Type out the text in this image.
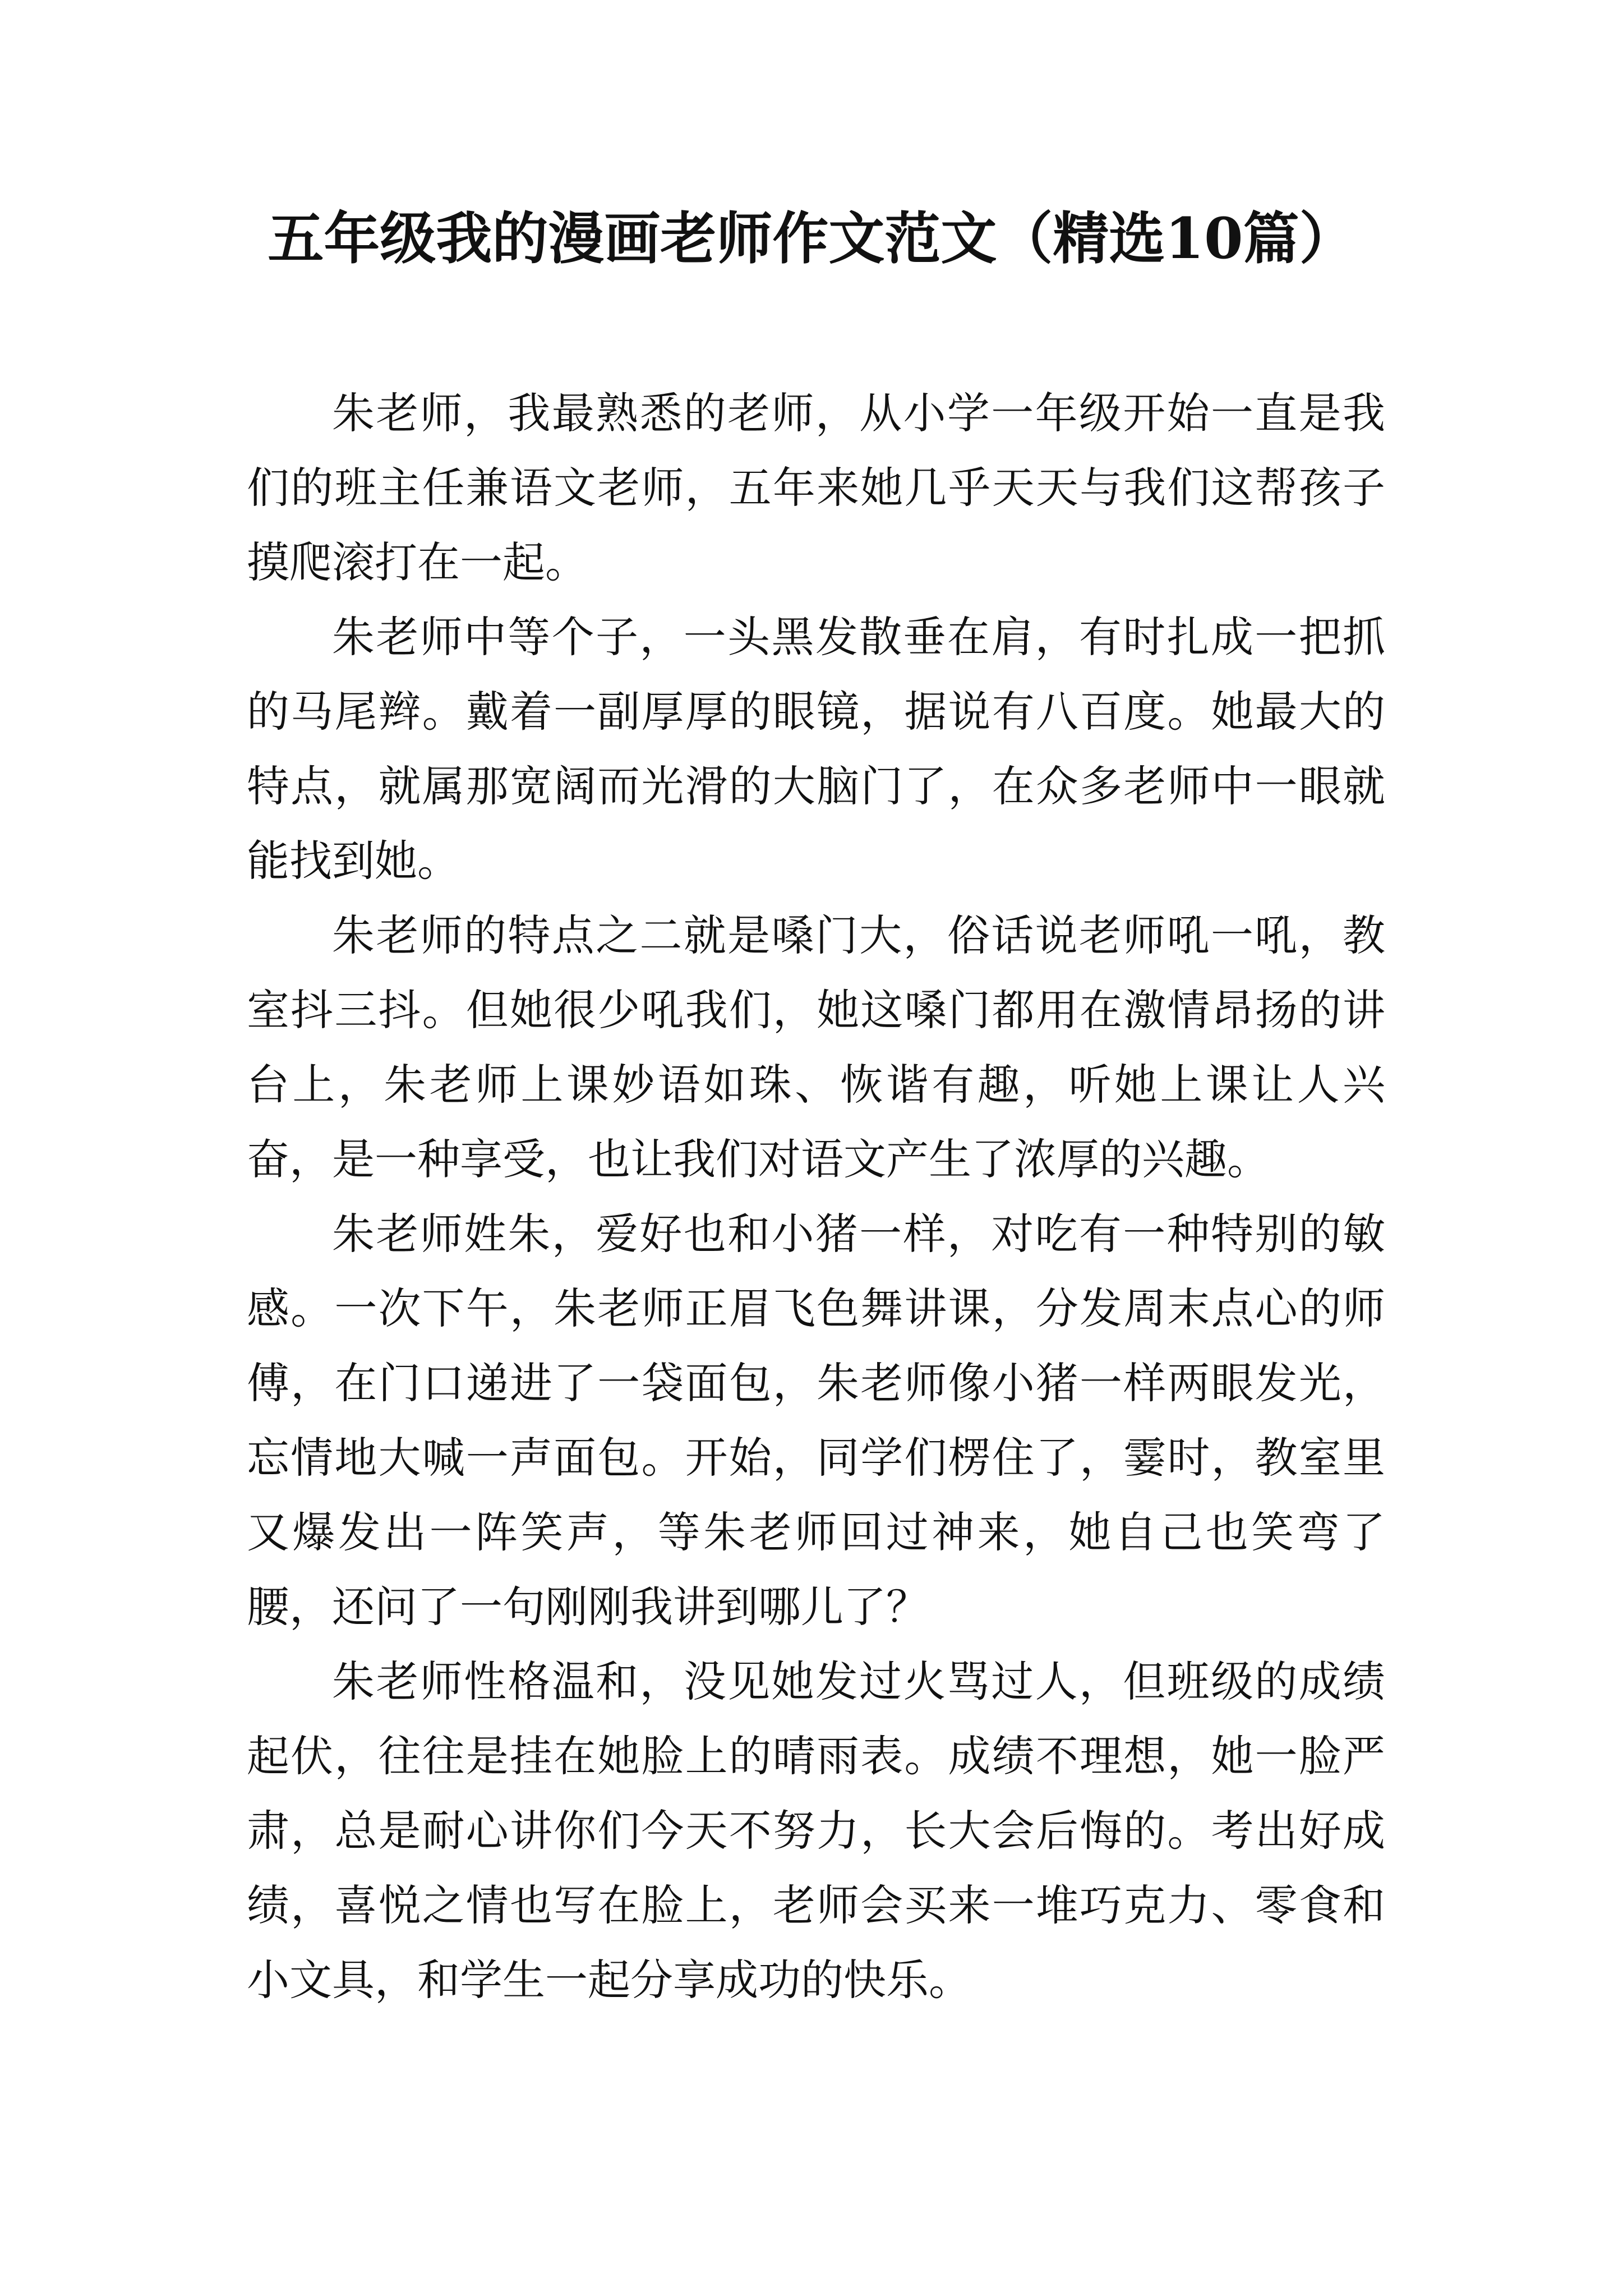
五年级我的漫画老师作文范文（精选10篇）

朱老师，我最熟悉的老师，从小学一年级开始一直是我们的班主任兼语文老师，五年来她几乎天天与我们这帮孩子摸爬滚打在一起。

朱老师中等个子，一头黑发散垂在肩，有时扎成一把抓的马尾辫。戴着一副厚厚的眼镜，据说有八百度。她最大的特点，就属那宽阔而光滑的大脑门了，在众多老师中一眼就能找到她。

朱老师的特点之二就是嗓门大，俗话说老师吼一吼，教室抖三抖。但她很少吼我们，她这嗓门都用在激情昂扬的讲台上，朱老师上课妙语如珠、恢谐有趣，听她上课让人兴奋，是一种享受，也让我们对语文产生了浓厚的兴趣。

朱老师姓朱，爱好也和小猪一样，对吃有一种特别的敏感。一次下午，朱老师正眉飞色舞讲课，分发周末点心的师傅，在门口递进了一袋面包，朱老师像小猪一样两眼发光，忘情地大喊一声面包。开始，同学们楞住了，霎时，教室里又爆发出一阵笑声，等朱老师回过神来，她自己也笑弯了腰，还问了一句刚刚我讲到哪儿了？

朱老师性格温和，没见她发过火骂过人，但班级的成绩起伏，往往是挂在她脸上的晴雨表。成绩不理想，她一脸严肃，总是耐心讲你们今天不努力，长大会后悔的。考出好成绩，喜悦之情也写在脸上，老师会买来一堆巧克力、零食和小文具，和学生一起分享成功的快乐。
